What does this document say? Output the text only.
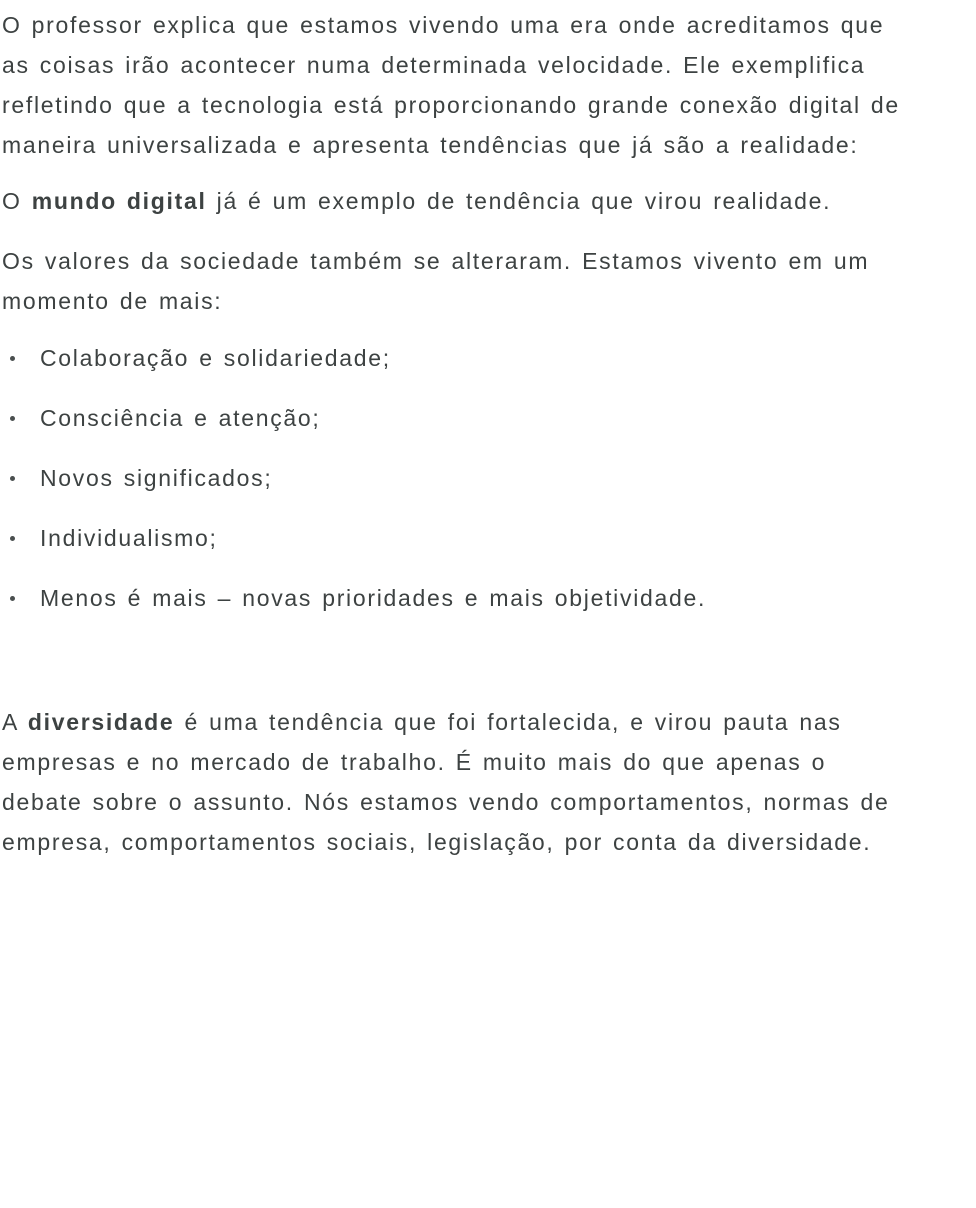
O professor explica que estamos vivendo uma era onde acreditamos que
as coisas irão acontecer numa determinada velocidade. Ele exemplifica
refletindo que a tecnologia está proporcionando grande conexão digital de
maneira universalizada e apresenta tendências que já são a realidade:
O mundo digital já é um exemplo de tendência que virou realidade.
Os valores da sociedade também se alteraram. Estamos vivento em um
momento de mais:
Colaboração e solidariedade;
Consciência e atenção;
Novos significados;
Individualismo;
Menos é mais – novas prioridades e mais objetividade.
A diversidade é uma tendência que foi fortalecida, e virou pauta nas
empresas e no mercado de trabalho. É muito mais do que apenas o
debate sobre o assunto. Nós estamos vendo comportamentos, normas de
empresa, comportamentos sociais, legislação, por conta da diversidade.
